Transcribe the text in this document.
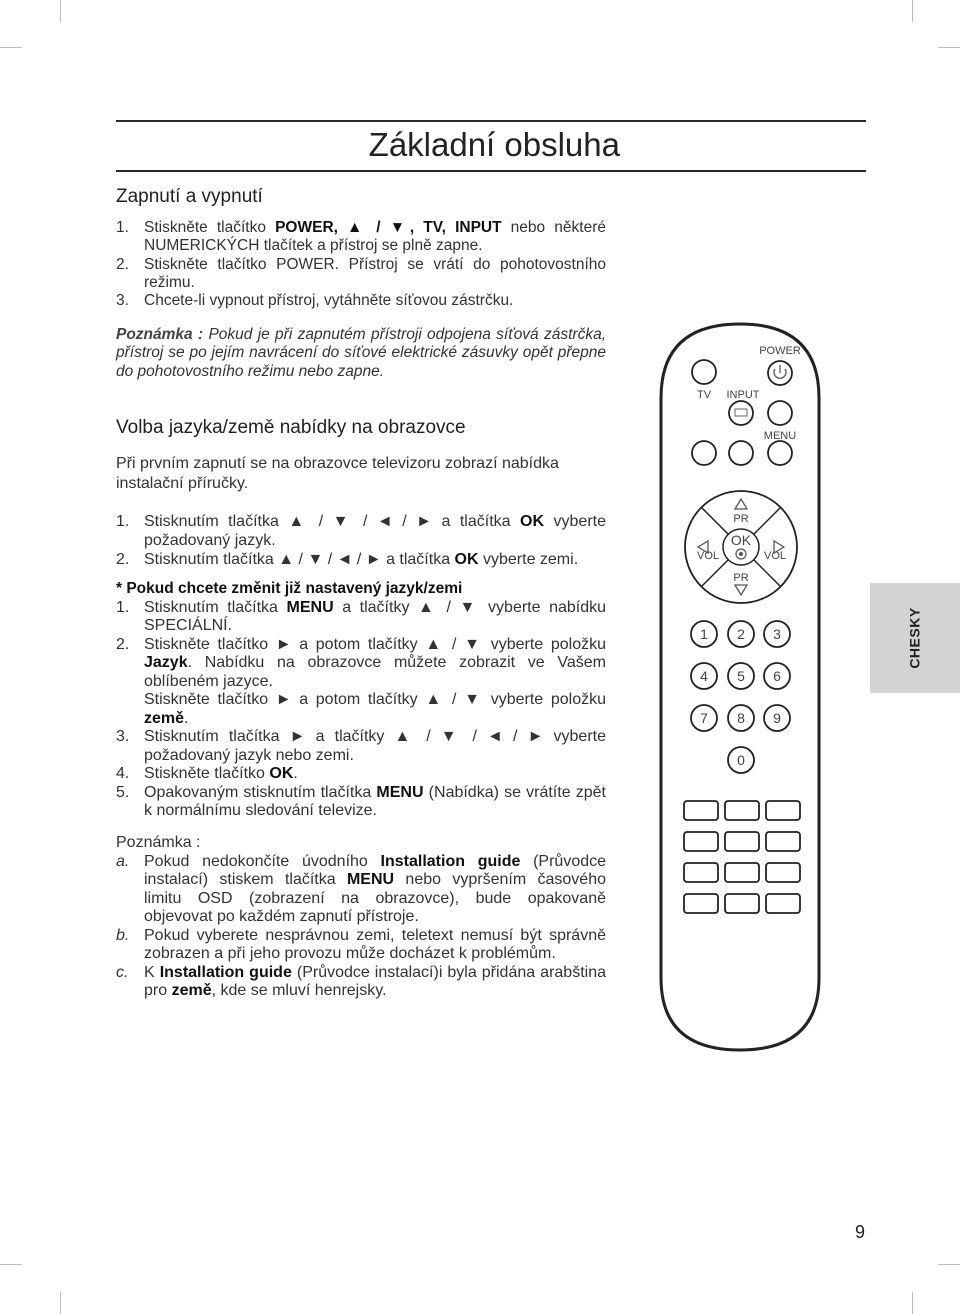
Základní obsluha
Zapnutí a vypnutí
1. Stiskněte tlačítko POWER, ▲ / ▼, TV, INPUT nebo některé NUMERICKÝCH tlačítek a přístroj se plně zapne.
2. Stiskněte tlačítko POWER. Přístroj se vrátí do pohotovostního režimu.
3. Chcete-li vypnout přístroj, vytáhněte síťovou zástrčku.
Poznámka : Pokud je při zapnutém přístroji odpojena síťová zástrčka, přístroj se po jejím navrácení do síťové elektrické zásuvky opět přepne do pohotovostního režimu nebo zapne.
Volba jazyka/země nabídky na obrazovce
Při prvním zapnutí se na obrazovce televizoru zobrazí nabídka instalační příručky.
1. Stisknutím tlačítka ▲ / ▼ / ◄ / ► a tlačítka OK vyberte požadovaný jazyk.
2. Stisknutím tlačítka ▲ / ▼ / ◄ / ► a tlačítka OK vyberte zemi.
* Pokud chcete změnit již nastavený jazyk/zemi
1. Stisknutím tlačítka MENU a tlačítky ▲ / ▼ vyberte nabídku SPECIÁLNÍ.
2. Stiskněte tlačítko ► a potom tlačítky ▲ / ▼ vyberte položku Jazyk. Nabídku na obrazovce můžete zobrazit ve Vašem oblíbeném jazyce.
Stiskněte tlačítko ► a potom tlačítky ▲ / ▼ vyberte položku země.
3. Stisknutím tlačítka ► a tlačítky ▲ / ▼ / ◄ / ► vyberte požadovaný jazyk nebo zemi.
4. Stiskněte tlačítko OK.
5. Opakovaným stisknutím tlačítka MENU (Nabídka) se vrátíte zpět k normálnímu sledování televize.
Poznámka :
a. Pokud nedokončíte úvodního Installation guide (Průvodce instalací) stiskem tlačítka MENU nebo vypršením časového limitu OSD (zobrazení na obrazovce), bude opakovaně objevovat po každém zapnutí přístroje.
b. Pokud vyberete nesprávnou zemi, teletext nemusí být správně zobrazen a při jeho provozu může docházet k problémům.
c. K Installation guide (Průvodce instalací)i byla přidána arabština pro země, kde se mluví henrejsky.
POWER
TV INPUT
MENU
PR
PR
VOL	VOL
OK
1 2 3
4 5 6
7 8 9
0
CHESKY
9
